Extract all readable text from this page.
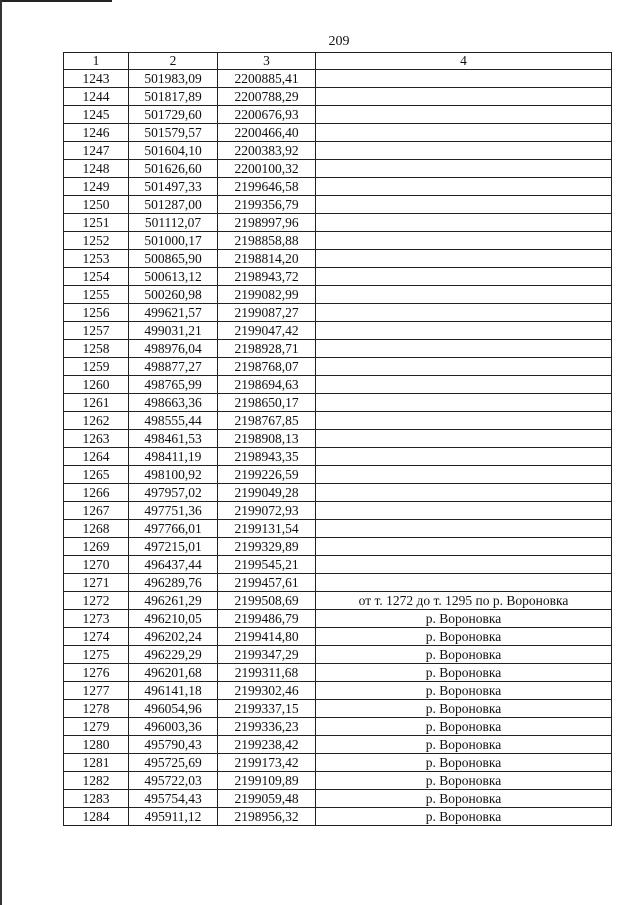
209
1	2	3	4
1243	501983,09	2200885,41	
1244	501817,89	2200788,29	
1245	501729,60	2200676,93	
1246	501579,57	2200466,40	
1247	501604,10	2200383,92	
1248	501626,60	2200100,32	
1249	501497,33	2199646,58	
1250	501287,00	2199356,79	
1251	501112,07	2198997,96	
1252	501000,17	2198858,88	
1253	500865,90	2198814,20	
1254	500613,12	2198943,72	
1255	500260,98	2199082,99	
1256	499621,57	2199087,27	
1257	499031,21	2199047,42	
1258	498976,04	2198928,71	
1259	498877,27	2198768,07	
1260	498765,99	2198694,63	
1261	498663,36	2198650,17	
1262	498555,44	2198767,85	
1263	498461,53	2198908,13	
1264	498411,19	2198943,35	
1265	498100,92	2199226,59	
1266	497957,02	2199049,28	
1267	497751,36	2199072,93	
1268	497766,01	2199131,54	
1269	497215,01	2199329,89	
1270	496437,44	2199545,21	
1271	496289,76	2199457,61	
1272	496261,29	2199508,69	от т. 1272 до т. 1295 по р. Вороновка
1273	496210,05	2199486,79	р. Вороновка
1274	496202,24	2199414,80	р. Вороновка
1275	496229,29	2199347,29	р. Вороновка
1276	496201,68	2199311,68	р. Вороновка
1277	496141,18	2199302,46	р. Вороновка
1278	496054,96	2199337,15	р. Вороновка
1279	496003,36	2199336,23	р. Вороновка
1280	495790,43	2199238,42	р. Вороновка
1281	495725,69	2199173,42	р. Вороновка
1282	495722,03	2199109,89	р. Вороновка
1283	495754,43	2199059,48	р. Вороновка
1284	495911,12	2198956,32	р. Вороновка
